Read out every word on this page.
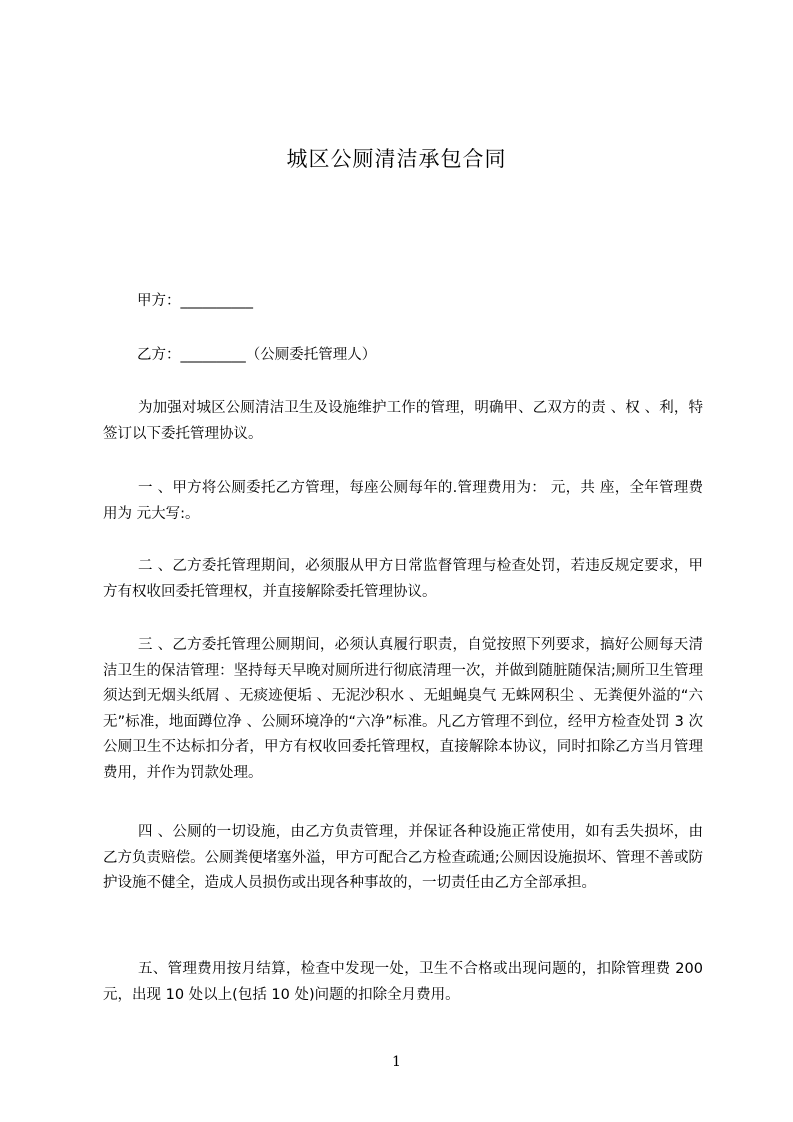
城区公厕清洁承包合同
甲方：__________
乙方：_________（公厕委托管理人）
为加强对城区公厕清洁卫生及设施维护工作的管理，明确甲、乙双方的责 、权 、利，特签订以下委托管理协议。
一 、甲方将公厕委托乙方管理，每座公厕每年的.管理费用为： 元，共 座，全年管理费用为 元大写:。
二 、乙方委托管理期间，必须服从甲方日常监督管理与检查处罚，若违反规定要求，甲方有权收回委托管理权，并直接解除委托管理协议。
三 、乙方委托管理公厕期间，必须认真履行职责，自觉按照下列要求，搞好公厕每天清洁卫生的保洁管理：坚持每天早晚对厕所进行彻底清理一次，并做到随脏随保洁;厕所卫生管理须达到无烟头纸屑 、无痰迹便垢 、无泥沙积水 、无蛆蝇臭气 无蛛网积尘 、无粪便外溢的“六无”标准，地面蹲位净 、公厕环境净的“六净”标准。凡乙方管理不到位，经甲方检查处罚 3 次公厕卫生不达标扣分者，甲方有权收回委托管理权，直接解除本协议，同时扣除乙方当月管理费用，并作为罚款处理。
四 、公厕的一切设施，由乙方负责管理，并保证各种设施正常使用，如有丢失损坏，由乙方负责赔偿。公厕粪便堵塞外溢，甲方可配合乙方检查疏通;公厕因设施损坏、管理不善或防护设施不健全，造成人员损伤或出现各种事故的，一切责任由乙方全部承担。
五、管理费用按月结算，检查中发现一处，卫生不合格或出现问题的，扣除管理费 200 元，出现 10 处以上(包括 10 处)问题的扣除全月费用。
1
